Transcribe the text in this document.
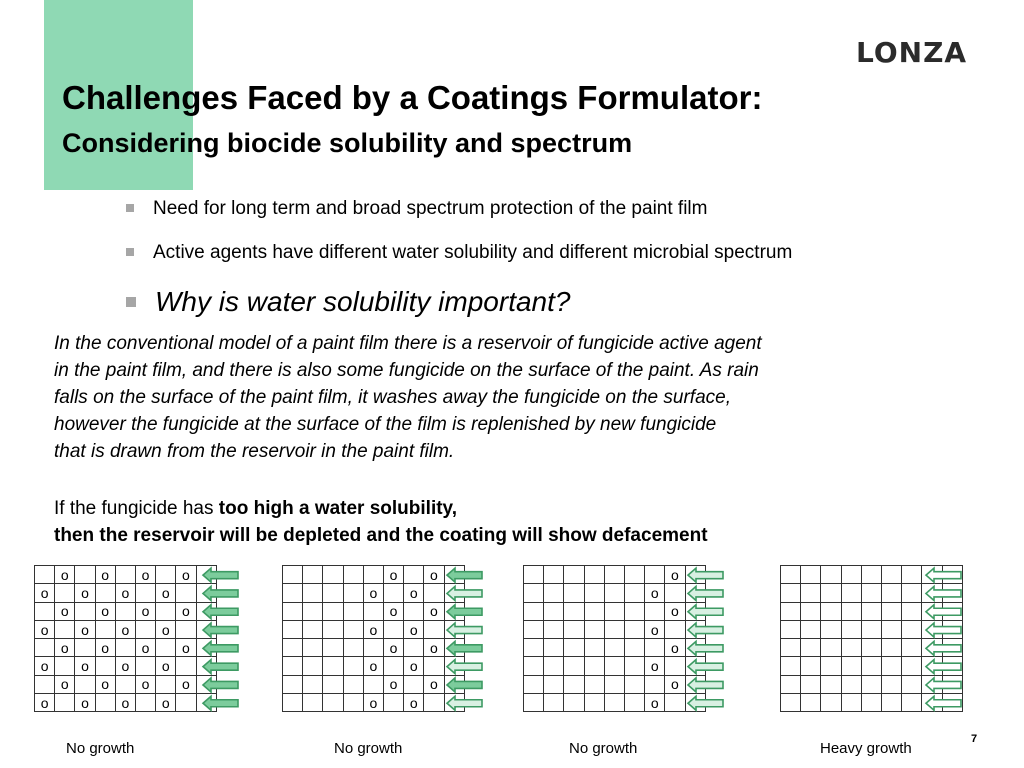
LONZA
Challenges Faced by a Coatings Formulator:
Considering biocide solubility and spectrum
Need for long term and broad spectrum protection of the paint film
Active agents have different water solubility and different microbial spectrum
Why is water solubility important?
In the conventional model of a paint film there is a reservoir of fungicide active agent
in the paint film, and there is also some fungicide on the surface of the paint. As rain
falls on the surface of the paint film, it washes away the fungicide on the surface,
however the fungicide at the surface of the film is replenished by new fungicide
that is drawn from the reservoir in the paint film.
If the fungicide has too high a water solubility,
then the reservoir will be depleted and the coating will show defacement
	o		o		o		o	
o		o		o		o		
	o		o		o		o	
o		o		o		o		
	o		o		o		o	
o		o		o		o		
	o		o		o		o	
o		o		o		o		
No growth
					o		o	
				o		o		
					o		o	
				o		o		
					o		o	
				o		o		
					o		o	
				o		o		
No growth
							o	
						o		
							o	
						o		
							o	
						o		
							o	
						o		
No growth

									Heavy growth
7
